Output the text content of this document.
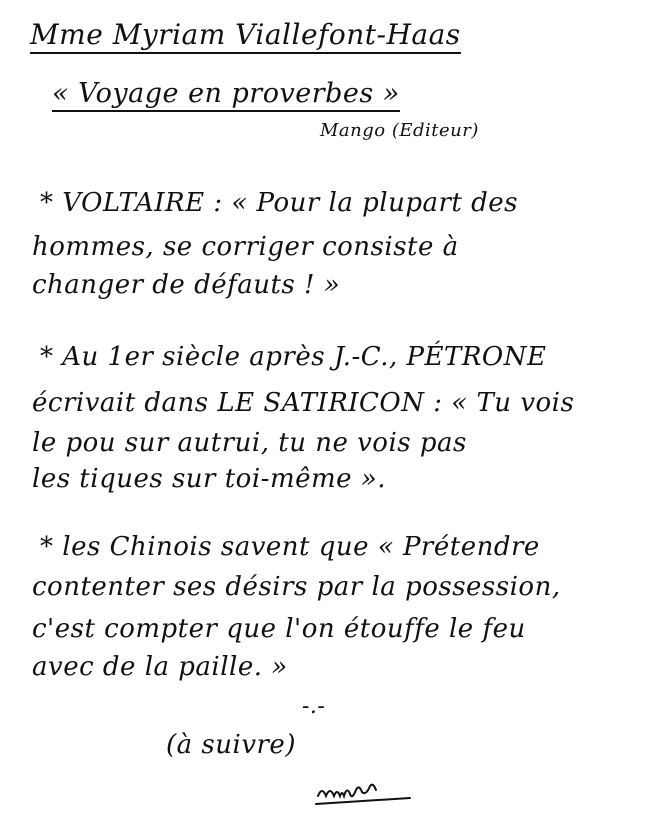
Mme Myriam Viallefont-Haas
« Voyage en proverbes »
Mango (Editeur)
* VOLTAIRE : « Pour la plupart des
hommes, se corriger consiste à
changer de défauts ! »
* Au 1er siècle après J.-C., PÉTRONE
écrivait dans LE SATIRICON : « Tu vois
le pou sur autrui, tu ne vois pas
les tiques sur toi-même ».
* les Chinois savent que « Prétendre
contenter ses désirs par la possession,
c'est compter que l'on étouffe le feu
avec de la paille. »
-.-
(à suivre)
